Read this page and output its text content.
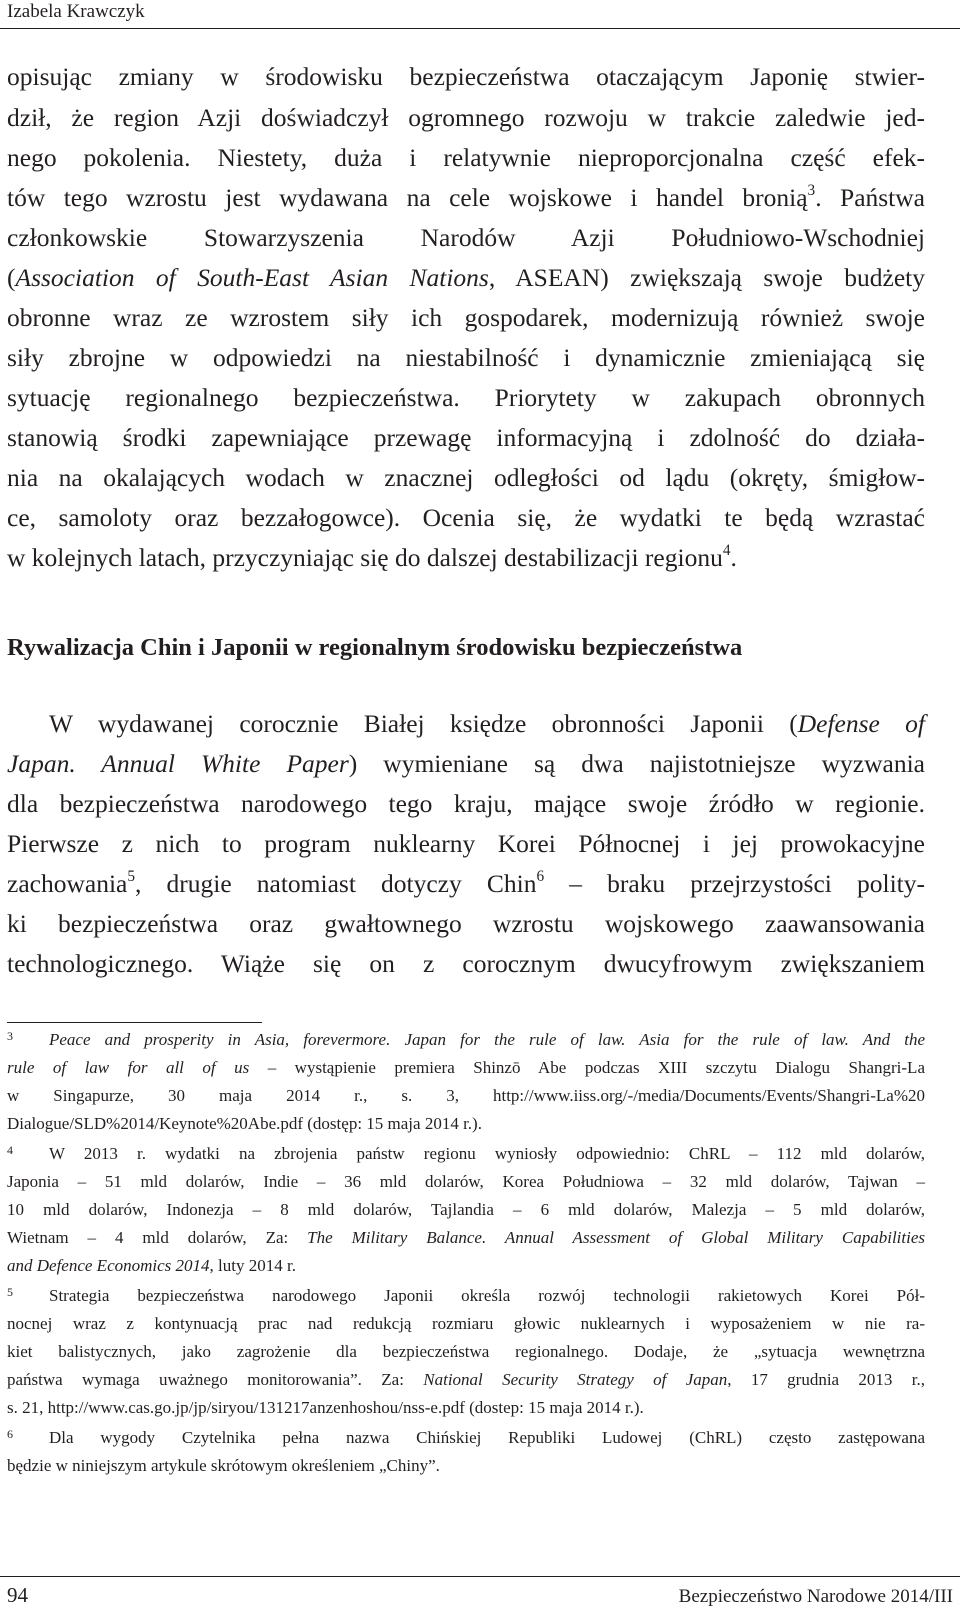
Izabela Krawczyk
opisując zmiany w środowisku bezpieczeństwa otaczającym Japonię stwier-
dził, że region Azji doświadczył ogromnego rozwoju w trakcie zaledwie jed-
nego pokolenia. Niestety, duża i relatywnie nieproporcjonalna część efek-
tów tego wzrostu jest wydawana na cele wojskowe i handel bronią$^3$. Państwa
członkowskie Stowarzyszenia Narodów Azji Południowo-Wschodniej
(Association of South-East Asian Nations, ASEAN) zwiększają swoje budżety
obronne wraz ze wzrostem siły ich gospodarek, modernizują również swoje
siły zbrojne w odpowiedzi na niestabilność i dynamicznie zmieniającą się
sytuację regionalnego bezpieczeństwa. Priorytety w zakupach obronnych
stanowią środki zapewniające przewagę informacyjną i zdolność do działa-
nia na okalających wodach w znacznej odległości od lądu (okręty, śmigłow-
ce, samoloty oraz bezzałogowce). Ocenia się, że wydatki te będą wzrastać
w kolejnych latach, przyczyniając się do dalszej destabilizacji regionu$^4$.
Rywalizacja Chin i Japonii w regionalnym środowisku bezpieczeństwa
W wydawanej corocznie Białej księdze obronności Japonii (Defense of
Japan. Annual White Paper) wymieniane są dwa najistotniejsze wyzwania
dla bezpieczeństwa narodowego tego kraju, mające swoje źródło w regionie.
Pierwsze z nich to program nuklearny Korei Północnej i jej prowokacyjne
zachowania$^5$, drugie natomiast dotyczy Chin$^6$ – braku przejrzystości polity-
ki bezpieczeństwa oraz gwałtownego wzrostu wojskowego zaawansowania
technologicznego. Wiąże się on z corocznym dwucyfrowym zwiększaniem
3 Peace and prosperity in Asia, forevermore. Japan for the rule of law. Asia for the rule of law. And the
rule of law for all of us – wystąpienie premiera Shinzō Abe podczas XIII szczytu Dialogu Shangri-La
w Singapurze, 30 maja 2014 r., s. 3, http://www.iiss.org/-/media/Documents/Events/Shangri-La%20
Dialogue/SLD%2014/Keynote%20Abe.pdf (dostęp: 15 maja 2014 r.).
4 W 2013 r. wydatki na zbrojenia państw regionu wyniosły odpowiednio: ChRL – 112 mld dolarów,
Japonia – 51 mld dolarów, Indie – 36 mld dolarów, Korea Południowa – 32 mld dolarów, Tajwan –
10 mld dolarów, Indonezja – 8 mld dolarów, Tajlandia – 6 mld dolarów, Malezja – 5 mld dolarów,
Wietnam – 4 mld dolarów, Za: The Military Balance. Annual Assessment of Global Military Capabilities
and Defence Economics 2014, luty 2014 r.
5 Strategia bezpieczeństwa narodowego Japonii określa rozwój technologii rakietowych Korei Pół-
nocnej wraz z kontynuacją prac nad redukcją rozmiaru głowic nuklearnych i wyposażeniem w nie ra-
kiet balistycznych, jako zagrożenie dla bezpieczeństwa regionalnego. Dodaje, że „sytuacja wewnętrzna
państwa wymaga uważnego monitorowania”. Za: National Security Strategy of Japan, 17 grudnia 2013 r.,
s. 21, http://www.cas.go.jp/jp/siryou/131217anzenhoshou/nss-e.pdf (dostep: 15 maja 2014 r.).
6 Dla wygody Czytelnika pełna nazwa Chińskiej Republiki Ludowej (ChRL) często zastępowana
będzie w niniejszym artykule skrótowym określeniem „Chiny”.
94	Bezpieczeństwo Narodowe 2014/III
